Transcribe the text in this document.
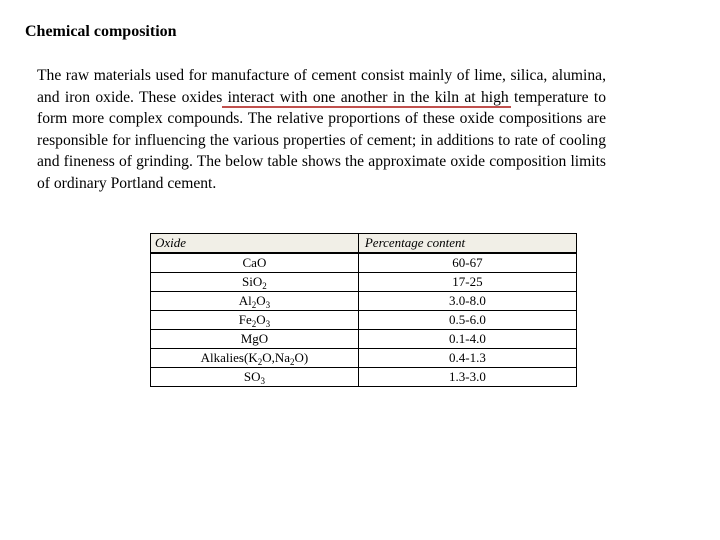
Chemical composition

The raw materials used for manufacture of cement consist mainly of lime, silica, alumina, and iron oxide. These oxides interact with one another in the kiln at high temperature to form more complex compounds. The relative proportions of these oxide compositions are responsible for influencing the various properties of cement; in additions to rate of cooling and fineness of grinding. The below table shows the approximate oxide composition limits of ordinary Portland cement.

Oxide	Percentage content
CaO	60-67
SiO$_2$	17-25
$Al_2O_3$	3.0-8.0
$Fe_2O_3$	0.5-6.0
MgO	0.1-4.0
$Alkalies(K_2O,Na_2O)$	0.4-1.3
$SO_3$	1.3-3.0
